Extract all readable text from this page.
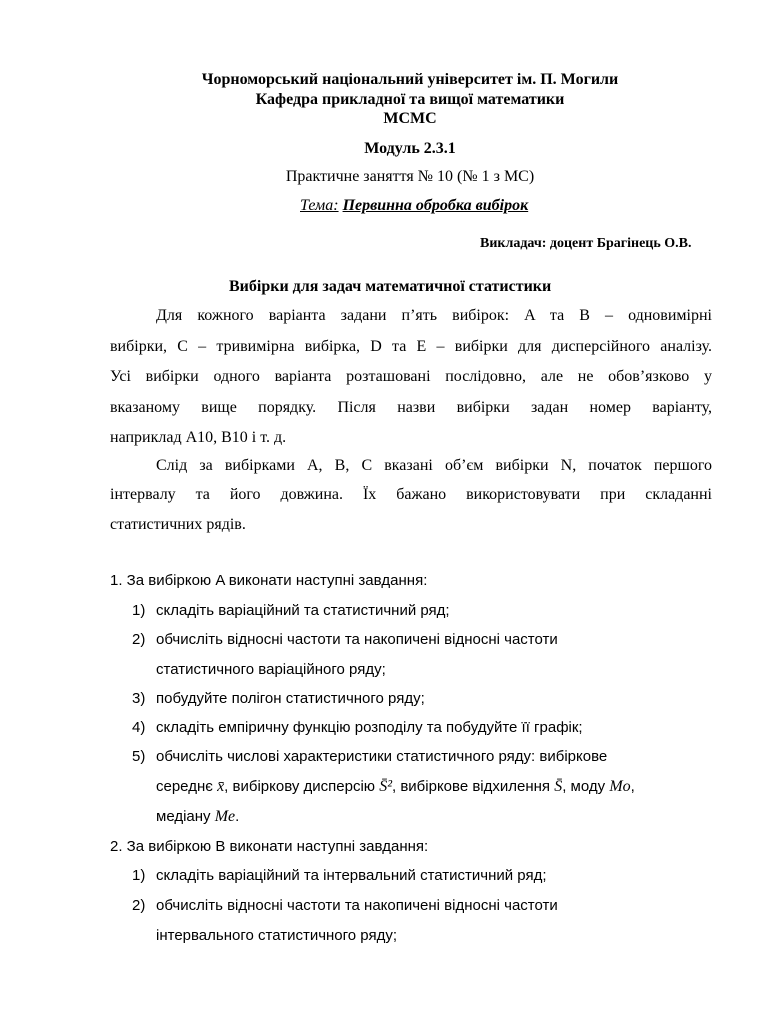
Чорноморський національний університет ім. П. Могили
Кафедра прикладної та вищої математики
МСМС
Модуль 2.3.1
Практичне заняття № 10 (№ 1 з МС)
Тема: Первинна обробка вибірок
Викладач: доцент Брагінець О.В.
Вибірки для задач математичної статистики
Для кожного варіанта задани п’ять вибірок: A та B – одновимірні
вибірки, C – тривимірна вибірка, D та E – вибірки для дисперсійного аналізу.
Усі вибірки одного варіанта розташовані послідовно, але не обов’язково у
вказаному вище порядку. Після назви вибірки задан номер варіанту,
наприклад A10, B10 і т. д.
Слід за вибірками A, B, C вказані об’єм вибірки N, початок першого
інтервалу та його довжина. Їх бажано використовувати при складанні
статистичних рядів.
1. За вибіркою A виконати наступні завдання:
1) складіть варіаційний та статистичний ряд;
2) обчисліть відносні частоти та накопичені відносні частоти
статистичного варіаційного ряду;
3) побудуйте полігон статистичного ряду;
4) складіть емпіричну функцію розподілу та побудуйте її графік;
5) обчисліть числові характеристики статистичного ряду: вибіркове
середнє x̄, вибіркову дисперсію S̄², вибіркове відхилення S̄, моду Mo,
медіану Me.
2. За вибіркою B виконати наступні завдання:
1) складіть варіаційний та інтервальний статистичний ряд;
2) обчисліть відносні частоти та накопичені відносні частоти
інтервального статистичного ряду;
